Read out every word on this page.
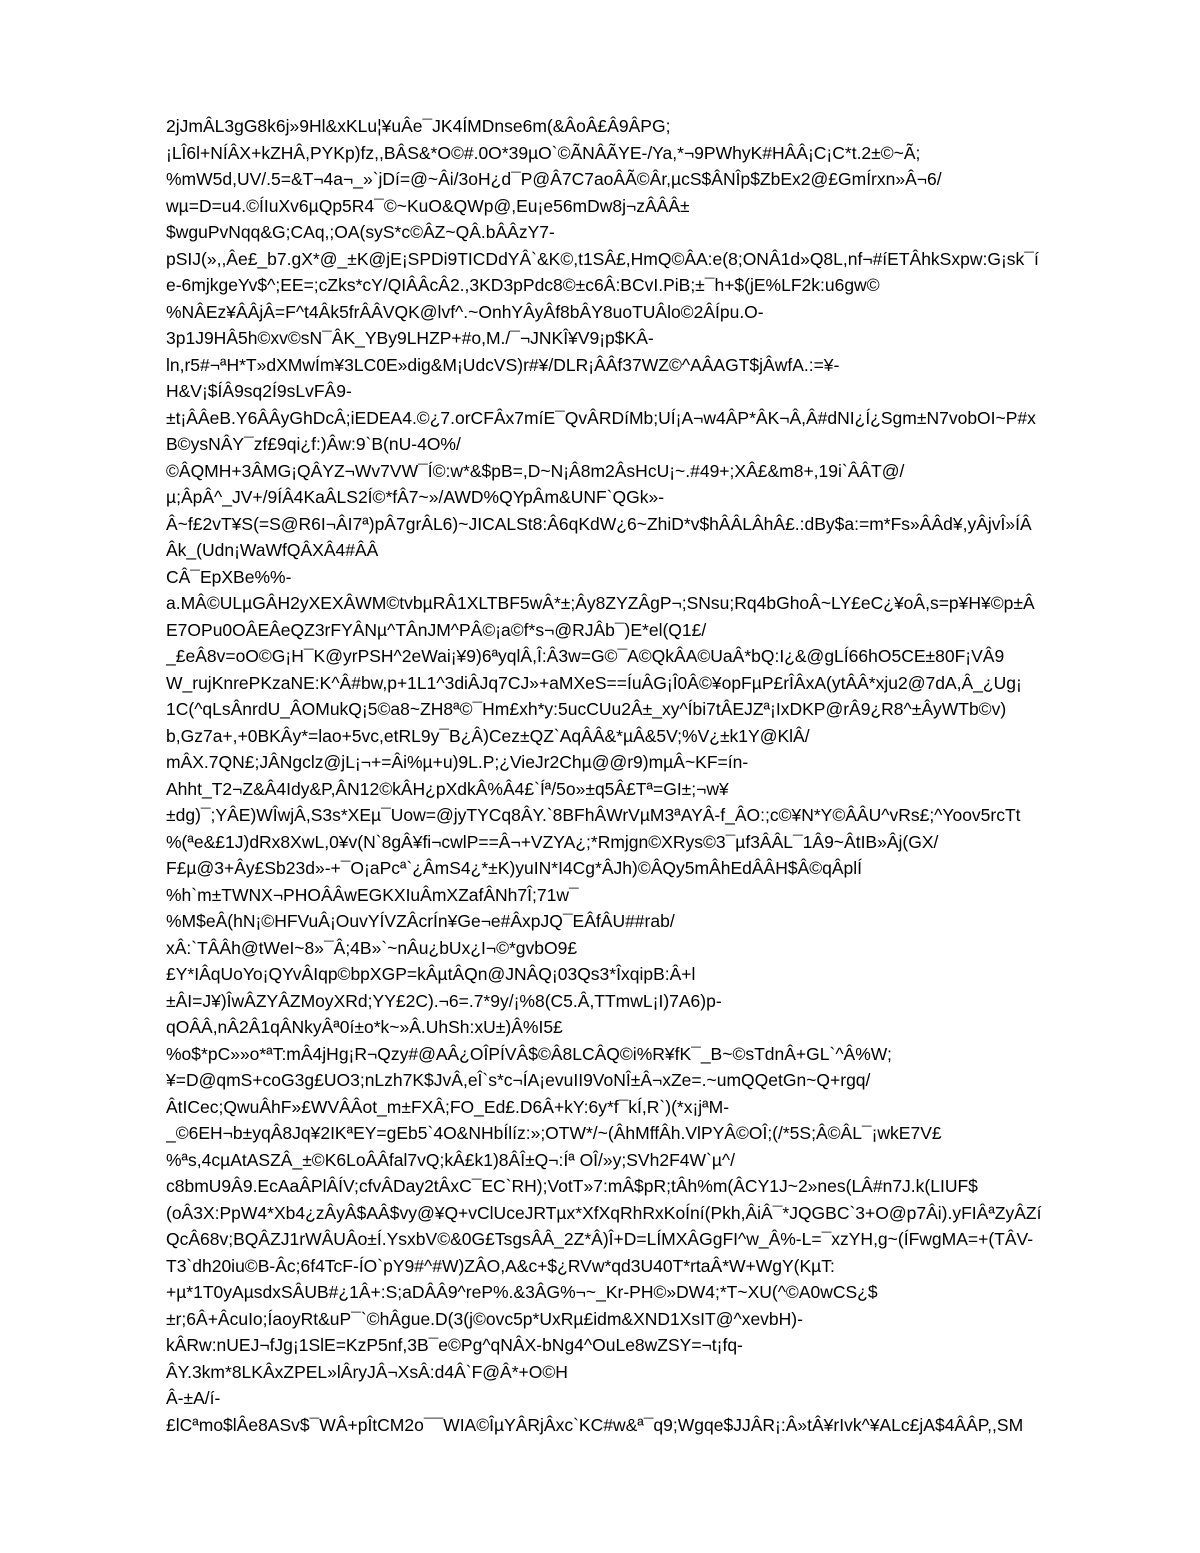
2jJmÂL3gG8k6j»9Hl&xKLu¦¥uÂe¯JK4ÍMDnse6m(&ÂoÂ£Â9ÂPG;
¡LÎ6l+NÍÂX+kZHÂ,PYKp)fz,,BÂS&*O©#.0O*39µO`©ÃNÂÃYE-/Ya,*¬9PWhyK#HÂÂ¡C¡C*t.2±©~Ã;
%mW5d,UV/.5=&T¬4a¬_»`jDí=@~Âi/3oH¿d¯P@Â7C7aoÂÃ©Âr,µcS$ÂNÎp$ZbEx2@£GmÍrxn»Â¬6/
wµ=D=u4.©ÍIuXv6µQp5R4¯©~KuO&QWp@,Eu¡e56mDw8j¬zÂÂÂ±
$wguPvNqq&G;CAq,;OA(syS*c©ÂZ~QÂ.bÂÂzY7-
pSIJ(»,,Âe£_b7.gX*@_±K@jE¡SPDi9TICDdYÂ`&K©,t1SÂ£,HmQ©ÂA:e(8;ONÂ1d»Q8L,nf¬#íETÂhkSxpw:G¡sk¯í
e-6mjkgeYv$^;EE=;cZks*cY/QIÂÂcÂ2.,3KD3pPdc8©±c6Â:BCvI.PiB;±¯h+$(jE%LF2k:u6gw©
%NÂEz¥ÂÂjÂ=F^t4Âk5frÂÂVQK@lvf^.~OnhYÂyÂf8bÂY8uoTUÂlo©2ÂÍpu.O-
3p1J9HÂ5h©xv©sN¯ÂK_YBy9LHZP+#o,M./¯¬JNKÎ¥V9¡p$KÂ-
ln,r5#¬ªH*T»dXMwÍm¥3LC0E»dig&M¡UdcVS)r#¥/DLR¡ÂÂf37WZ©^AÂAGT$jÂwfA.:=¥-
H&V¡$ÍÂ9sq2Í9sLvFÂ9-
±t¡ÂÂeB.Y6ÂÂyGhDcÂ;iEDEA4.©¿7.orCFÂx7míE¯QvÂRDíMb;UÍ¡A¬w4ÂP*ÂK¬Â,Â#dNI¿Í¿Sgm±N7vobOI~P#x
B©ysNÂY¯zf£9qi¿f:)Âw:9`B(nU-4O%/
©ÂQMH+3ÂMG¡QÂYZ¬Wv7VW¯Í©:w*&$pB=,D~N¡Â8m2ÂsHcU¡~.#49+;XÂ£&m8+,19i`ÂÂT@/
µ;ÂpÂ^_JV+/9ÍÂ4KaÂLS2Í©*fÂ7~»/AWD%QYpÂm&UNF`QGk»-
Â~f£2vT¥S(=S@R6I¬ÂI7ª)pÂ7grÂL6)~JICALSt8:Â6qKdW¿6~ZhiD*v$hÂÂLÂhÂ£.:dBy$a:=m*Fs»ÂÂd¥,yÂjvÎ»ÍÂ
Âk_(Udn¡WaWfQÂXÂ4#ÂÂ
CÂ¯EpXBe%%-
a.MÂ©ULµGÂH2yXEXÂWM©tvbµRÂ1XLTBF5wÂ*±;Ây8ZYZÂgP¬;SNsu;Rq4bGhoÂ~LY£eC¿¥oÂ,s=p¥H¥©p±Â
E7OPu0OÂEÂeQZ3rFYÂNµ^TÂnJM^PÂ©¡a©f*s¬@RJÂb¯)E*el(Q1£/
_£eÂ8v=oO©G¡H¯K@yrPSH^2eWai¡¥9)6ªyqlÂ,Î:Â3w=G©¯A©QkÂA©UaÂ*bQ:I¿&@gLÍ66hO5CE±80F¡VÂ9
W_rujKnrePKzaNE:K^Â#bw,p+1L1^3diÂJq7CJ»+aMXeS==ÍuÂG¡Î0Â©¥opFµP£rÎÂxA(ytÂÂ*xju2@7dA,Â_¿Ug¡
1C(^qLsÂnrdU_ÂOMukQ¡5©a8~ZH8ª©¯Hm£xh*y:5ucCUu2Â±_xy^Íbi7tÂEJZª¡IxDKP@rÂ9¿R8^±ÂyWTb©v)
b,Gz7a+,+0BKÂy*=lao+5vc,etRL9y¯B¿Â)Cez±QZ`AqÂÂ&*µÂ&5V;%V¿±k1Y@KlÂ/
mÂX.7QN£;JÂNgclz@jL¡¬+=Âi%µ+u)9L.P;¿VieJr2Chµ@@r9)mµÂ~KF=ín-
Ahht_T2¬Z&Â4Idy&P,ÂN12©kÂH¿pXdkÂ%Â4£`Íª/5o»±q5Â£Tª=GI±;¬w¥
±dg)¯;YÂE)WÎwjÂ,S3s*XEµ¯Uow=@jyTYCq8ÂY.`8BFhÂWrVµM3ªAYÂ-f_ÂO:;c©¥N*Y©ÂÂU^vRs£;^Yoov5rcTt
%(ªe&£1J)dRx8XwL,0¥v(N`8gÂ¥fi¬cwlP==Â¬+VZYA¿;*Rmjgn©XRys©3¯µf3ÂÂL¯1Â9~ÂtIB»Âj(GX/
F£µ@3+Ây£Sb23d»-+¯O¡aPcª`¿ÂmS4¿*±K)yuIN*I4Cg*ÂJh)©ÂQy5mÂhEdÂÂH$Â©qÂplÍ
%h`m±TWNX¬PHOÂÂwEGKXIuÂmXZafÂNh7Î;71w¯
%M$eÂ(hN¡©HFVuÂ¡OuvYÍVZÂcrÍn¥Ge¬e#ÂxpJQ¯EÂfÂU##rab/
xÂ:`TÂÂh@tWeI~8»¯Â;4B»`~nÂu¿bUx¿I¬©*gvbO9£
£Y*IÂqUoYo¡QYvÂIqp©bpXGP=kÂµtÂQn@JNÂQ¡03Qs3*ÎxqipB:Â+l
±ÂI=J¥)ÎwÂZYÂZMoyXRd;YY£2C).¬6=.7*9y/¡%8(C5.Â,TTmwL¡I)7A6)p-
qOÂÂ,nÂ2Â1qÂNkyÂª0í±o*k~»Â.UhSh:xU±)Â%I5£
%o$*pC»»o*ªT:mÂ4jHg¡R¬Qzy#@AÂ¿OÎPÍVÂ$©Â8LCÂQ©i%R¥fK¯_B~©sTdnÂ+GL`^Â%W;
¥=D@qmS+coG3g£UO3;nLzh7K$JvÂ,eÎ`s*c¬ÍA¡evuII9VoNÎ±Â¬xZe=.~umQQetGn~Q+rgq/
ÂtICec;QwuÂhF»£WVÂÂot_m±FXÂ;FO_Ed£.D6Â+kY:6y*f¯kÍ,R`)(*x¡jªM-
_©6EH¬b±yqÂ8Jq¥2IKªEY=gEb5`4O&NHbÍlíz:»;OTW*/~(ÂhMffÂh.VlPYÂ©OÎ;(/*5S;Â©ÂL¯¡wkE7V£
%ªs,4cµAtASZÂ_±©K6LoÂÂfal7vQ;kÂ£k1)8ÂÎ±Q¬:Íª OÎ/»y;SVh2F4W`µ^/
c8bmU9Â9.EcAaÂPlÂÍV;cfvÂDay2tÂxC¯EC`RH);VotT»7:mÂ$pR;tÂh%m(ÂCY1J~2»nes(LÂ#n7J.k(LIUF$
(oÂ3X:PpW4*Xb4¿zÂyÂ$AÂ$vy@¥Q+vClUceJRTµx*XfXqRhRxKoÍní(Pkh,ÂiÂ¯*JQGBC`3+O@p7Âi).yFIÂªZyÂZí
QcÂ68v;BQÂZJ1rWÂUÂo±Í.YsxbV©&0G£TsgsÂÂ_2Z*Â)Î+D=LÍMXÂGgFI^w_Â%-L=¯xzYH,g~(ÍFwgMA=+(TÂV-
T3`dh20iu©B-Âc;6f4TcF-ÍO`pY9#^#W)ZÂO,A&c+$¿RVw*qd3U40T*rtaÂ*W+WgY(KµT:
+µ*1T0yAµsdxSÂUB#¿1Â+:S;aDÂÂ9^reP%.&3ÂG%¬~_Kr-PH©»DW4;*T~XU(^©A0wCS¿$
±r;6Â+ÂcuIo;ÍaoyRt&uP¯`©hÂgue.D(3(j©ovc5p*UxRµ£idm&XND1XsIT@^xevbH)-
kÂRw:nUEJ¬fJg¡1SlE=KzP5nf,3B¯e©Pg^qNÂX-bNg4^OuLe8wZSY=¬t¡fq-
ÂY.3km*8LKÂxZPEL»lÂryJÂ¬XsÂ:d4Â`F@Â*+O©H
Â-±A/í-
£lCªmo$lÂe8ASv$¯WÂ+pÎtCM2o¯¯WIA©ÎµYÂRjÂxc`KC#w&ª¯q9;Wgqe$JJÂR¡:Â»tÂ¥rIvk^¥ALc£jA$4ÂÂP,,SM
